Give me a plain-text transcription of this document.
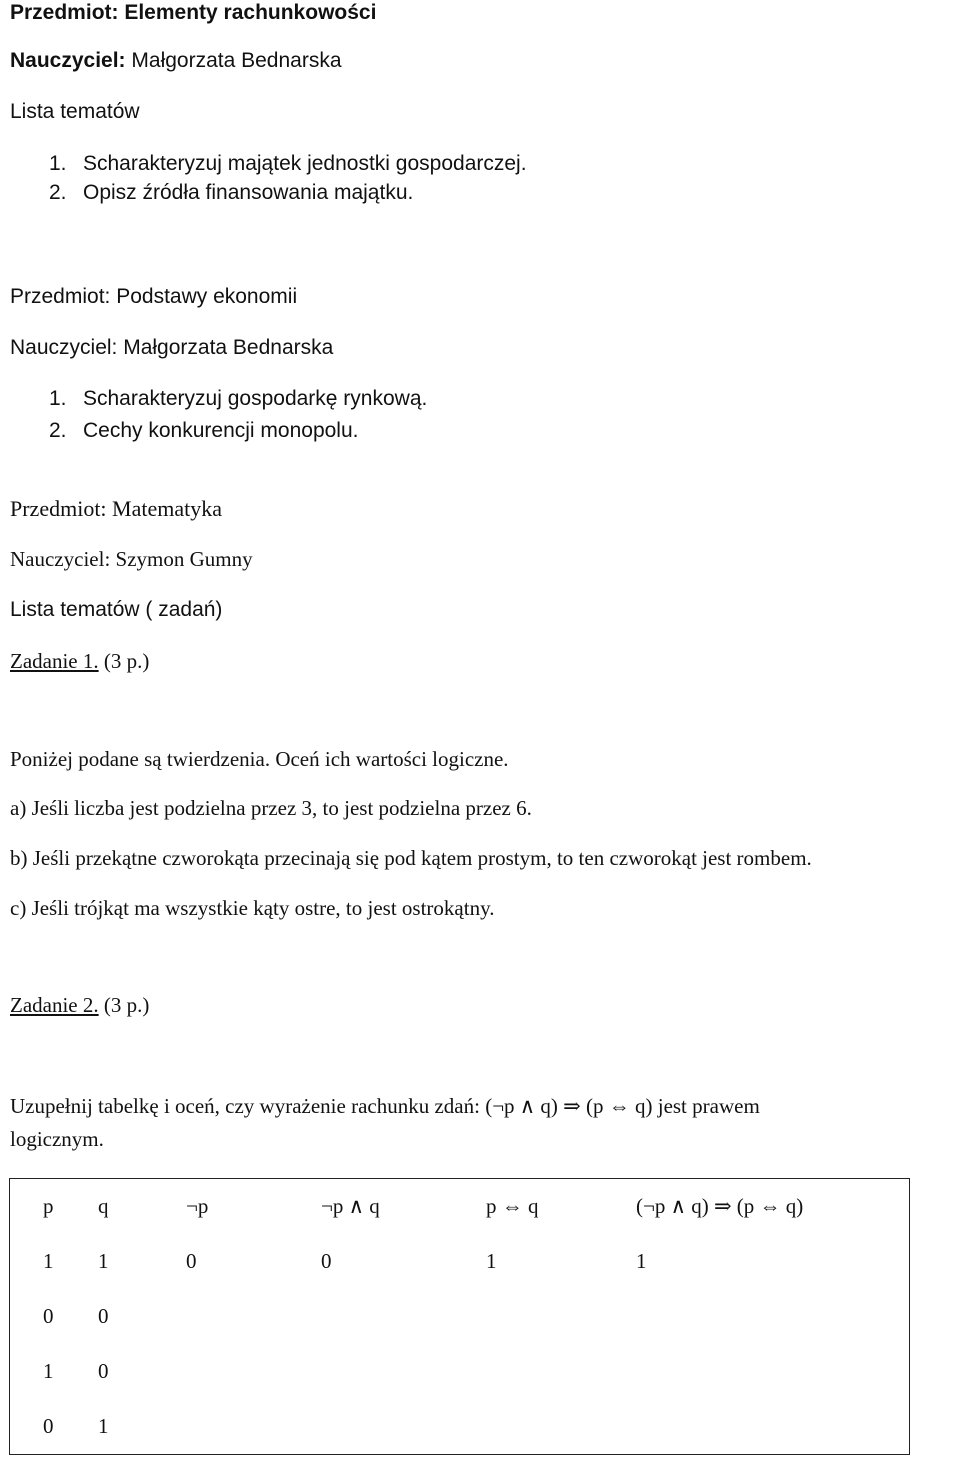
Przedmiot: Elementy rachunkowości
Nauczyciel: Małgorzata Bednarska
Lista tematów
1. Scharakteryzuj majątek jednostki gospodarczej.
2. Opisz źródła finansowania majątku.
Przedmiot: Podstawy ekonomii
Nauczyciel: Małgorzata Bednarska
1. Scharakteryzuj gospodarkę rynkową.
2. Cechy konkurencji monopolu.
Przedmiot: Matematyka
Nauczyciel: Szymon Gumny
Lista tematów ( zadań)
Zadanie 1. (3 p.)
Poniżej podane są twierdzenia. Oceń ich wartości logiczne.
a) Jeśli liczba jest podzielna przez 3, to jest podzielna przez 6.
b) Jeśli przekątne czworokąta przecinają się pod kątem prostym, to ten czworokąt jest rombem.
c) Jeśli trójkąt ma wszystkie kąty ostre, to jest ostrokątny.
Zadanie 2. (3 p.)
Uzupełnij tabelkę i oceń, czy wyrażenie rachunku zdań: (¬p ∧ q) ⇒ (p ⇔ q) jest prawem
logicznym.
p	q	¬p	¬p ∧ q	p ⇔ q	(¬p ∧ q) ⇒ (p ⇔ q)
1	1	0	0	1	1
0	0				
1	0				
0	1				
